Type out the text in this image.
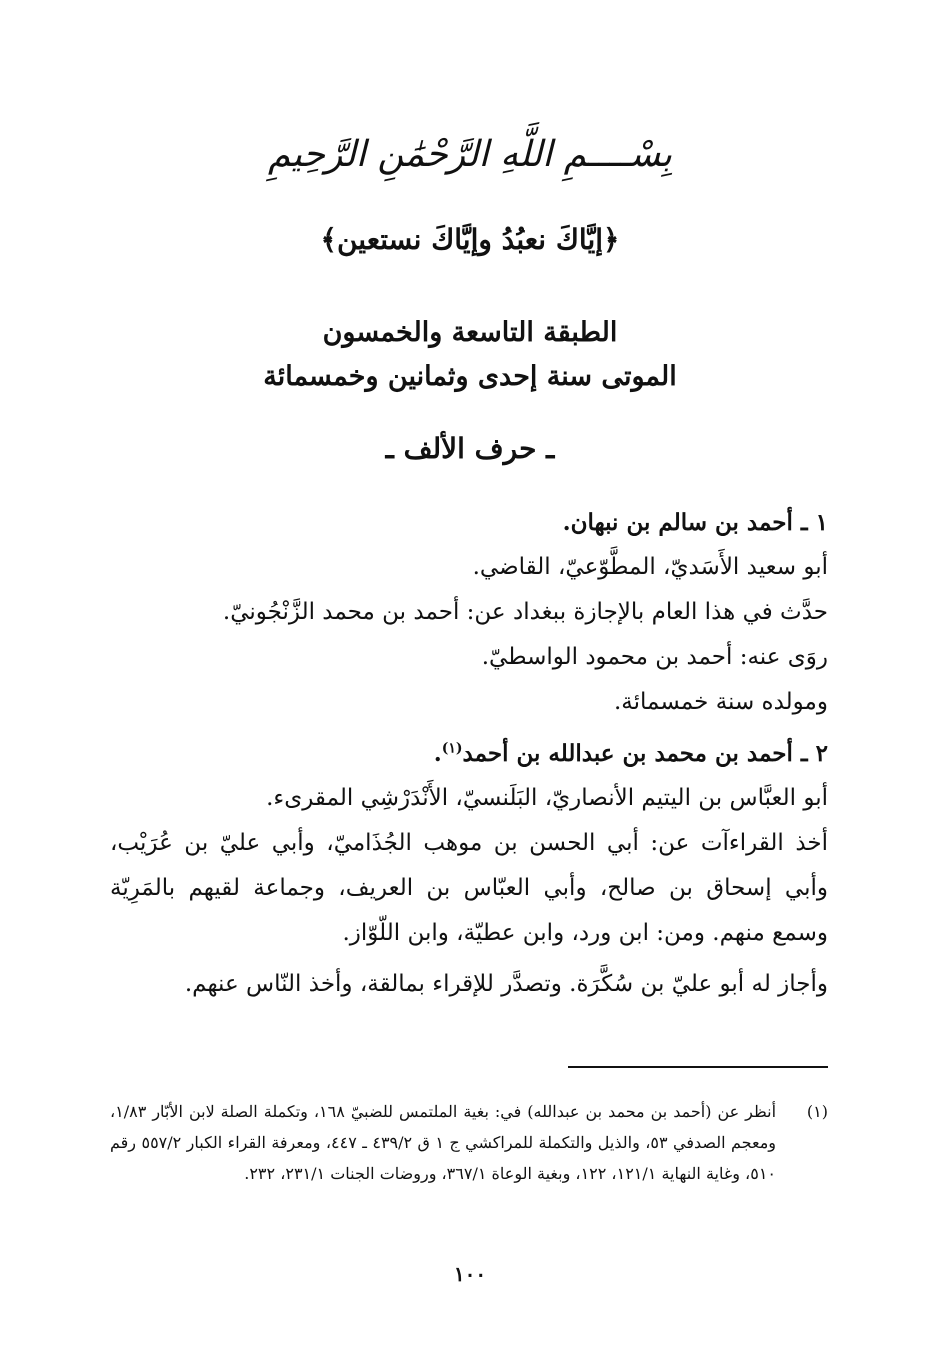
بِسْــــمِ اللَّهِ الرَّحْمَٰنِ الرَّحِيمِ
﴿إيَّاكَ نعبُدُ وإيَّاكَ نستعين﴾
الطبقة التاسعة والخمسون
الموتى سنة إحدى وثمانين وخمسمائة
ـ حرف الألف ـ

١ ـ أحمد بن سالم بن نبهان.

أبو سعيد الأَسَديّ، المطَّوّعيّ، القاضي.

حدَّث في هذا العام بالإجازة ببغداد عن: أحمد بن محمد الزَّنْجُونيّ.

روَى عنه: أحمد بن محمود الواسطيّ.

ومولده سنة خمسمائة.

٢ ـ أحمد بن محمد بن عبدالله بن أحمد$^{(١)}$.

أبو العبَّاس بن اليتيم الأنصاريّ، البَلَنسيّ، الأَنْدَرْشِي المقرىء.

أخذ القراءآت عن: أبي الحسن بن موهب الجُذَاميّ، وأبي عليّ بن عُرَيْب، وأبي إسحاق بن صالح، وأبي العبّاس بن العريف، وجماعة لقيهم بالمَرِيّة وسمع منهم. ومن: ابن ورد، وابن عطيّة، وابن اللّوّاز.

وأجاز له أبو عليّ بن سُكَّرَة. وتصدَّر للإقراء بمالقة، وأخذ النّاس عنهم.

(١)
أنظر عن (أحمد بن محمد بن عبدالله) في: بغية الملتمس للضبيّ ١٦٨، وتكملة الصلة لابن الأبّار ١/٨٣، ومعجم الصدفي ٥٣، والذيل والتكملة للمراكشي ج ١ ق ٤٣٩/٢ ـ ٤٤٧، ومعرفة القراء الكبار ٥٥٧/٢ رقم ٥١٠، وغاية النهاية ١٢١/١، ١٢٢، وبغية الوعاة ٣٦٧/١، وروضات الجنات ٢٣١/١، ٢٣٢.
١٠٠
